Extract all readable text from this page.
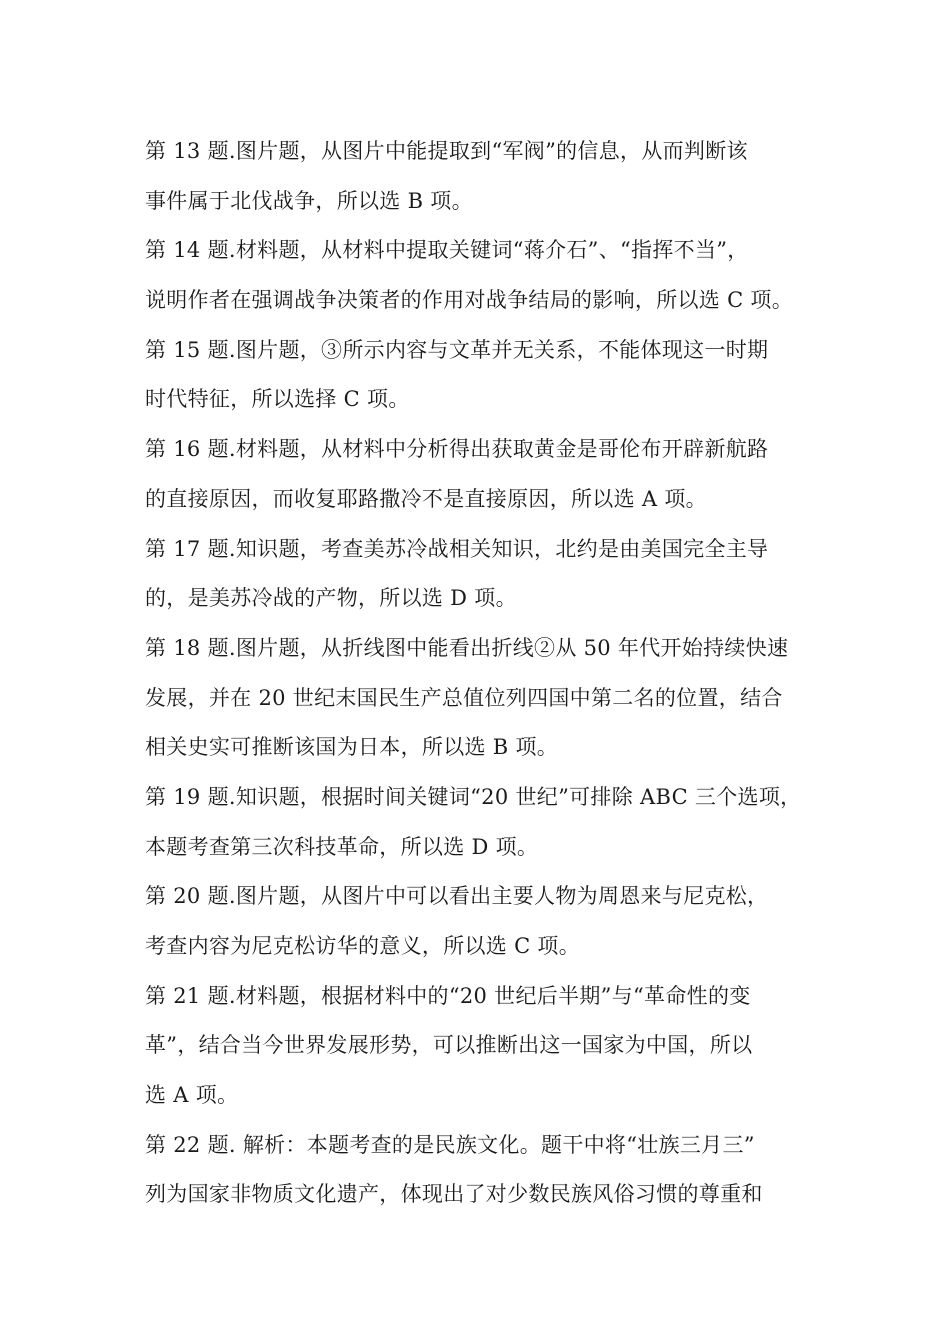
第 13 题.图片题，从图片中能提取到“军阀”的信息，从而判断该
事件属于北伐战争，所以选 B 项。
第 14 题.材料题，从材料中提取关键词“蒋介石”、“指挥不当”，
说明作者在强调战争决策者的作用对战争结局的影响，所以选 C 项。
第 15 题.图片题，③所示内容与文革并无关系，不能体现这一时期
时代特征，所以选择 C 项。
第 16 题.材料题，从材料中分析得出获取黄金是哥伦布开辟新航路
的直接原因，而收复耶路撒冷不是直接原因，所以选 A 项。
第 17 题.知识题，考查美苏冷战相关知识，北约是由美国完全主导
的，是美苏冷战的产物，所以选 D 项。
第 18 题.图片题，从折线图中能看出折线②从 50 年代开始持续快速
发展，并在 20 世纪末国民生产总值位列四国中第二名的位置，结合
相关史实可推断该国为日本，所以选 B 项。
第 19 题.知识题，根据时间关键词“20 世纪”可排除 ABC 三个选项，
本题考查第三次科技革命，所以选 D 项。
第 20 题.图片题，从图片中可以看出主要人物为周恩来与尼克松，
考查内容为尼克松访华的意义，所以选 C 项。
第 21 题.材料题，根据材料中的“20 世纪后半期”与“革命性的变
革”，结合当今世界发展形势，可以推断出这一国家为中国，所以
选 A 项。
第 22 题. 解析：本题考查的是民族文化。题干中将“壮族三月三”
列为国家非物质文化遗产，体现出了对少数民族风俗习惯的尊重和
